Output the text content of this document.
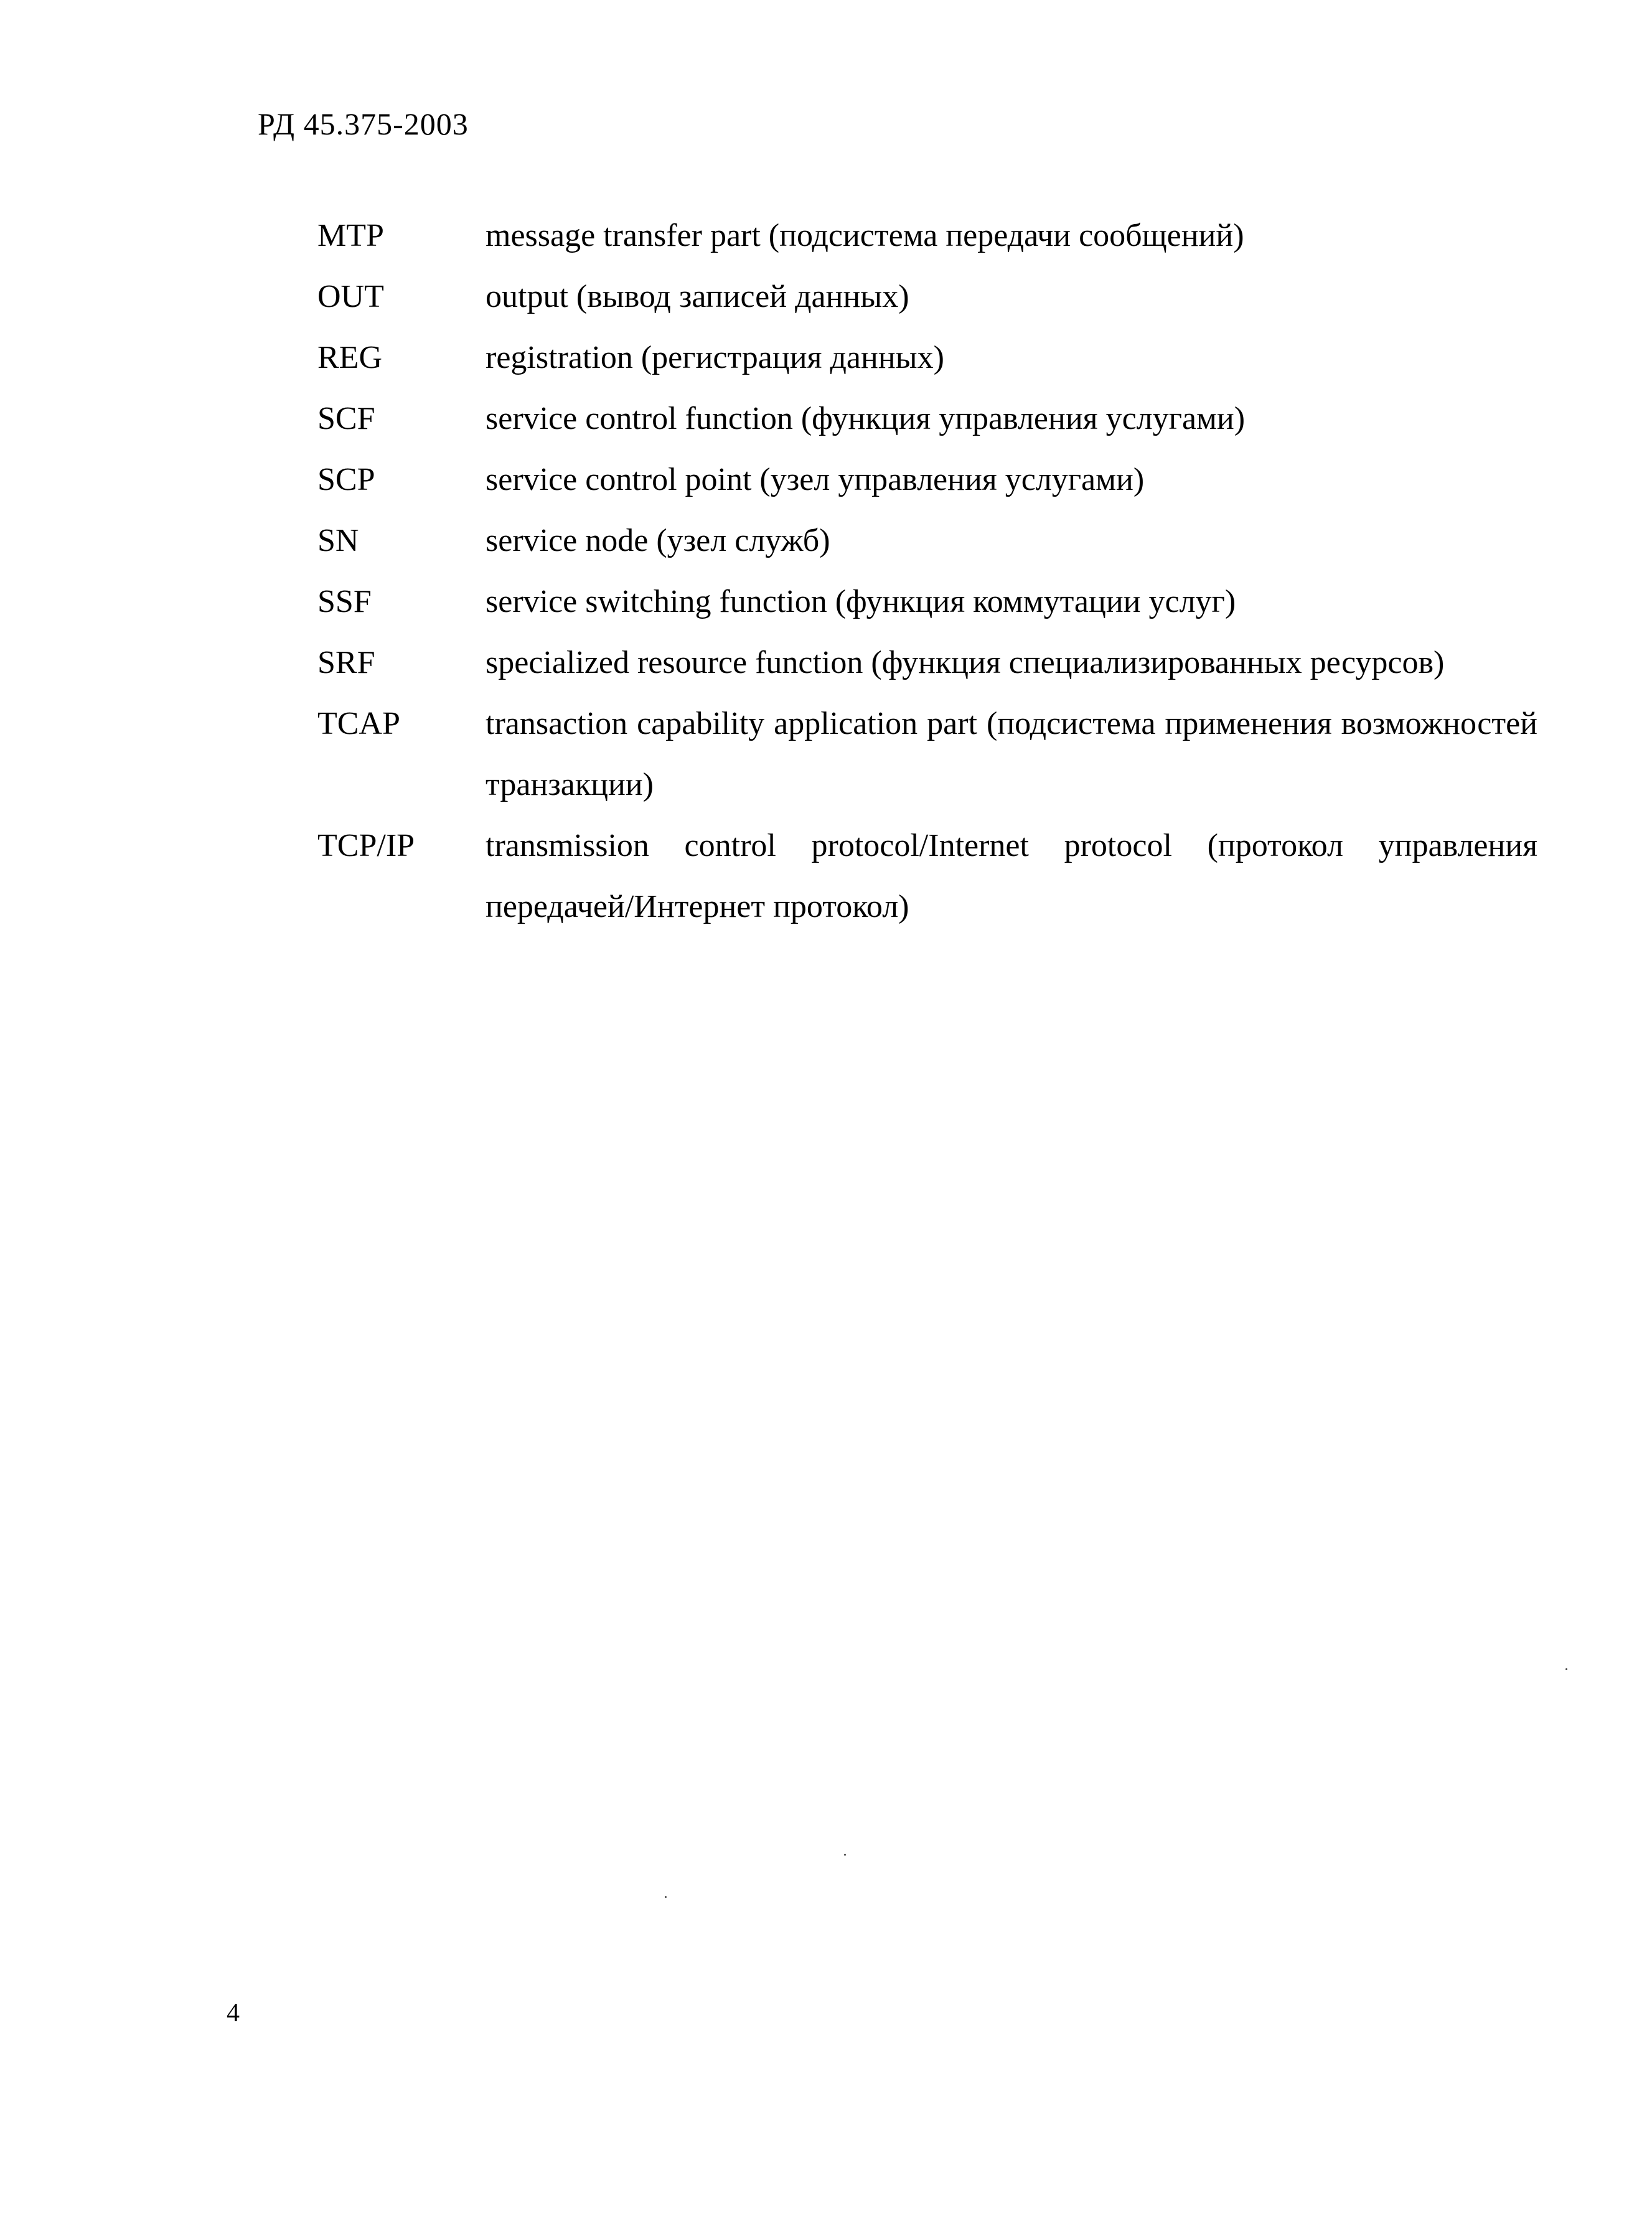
РД 45.375-2003
MTP	message transfer part (подсистема передачи сообщений)
OUT	output (вывод записей данных)
REG	registration (регистрация данных)
SCF	service control function (функция управления услугами)
SCP	service control point (узел управления услугами)
SN	service node (узел служб)
SSF	service switching function (функция коммутации услуг)
SRF	specialized resource function (функция специализированных ресурсов)
TCAP	transaction capability application part (подсистема применения возможностей транзакции)
TCP/IP	transmission control protocol/Internet protocol (протокол управления передачей/Интернет протокол)
4
